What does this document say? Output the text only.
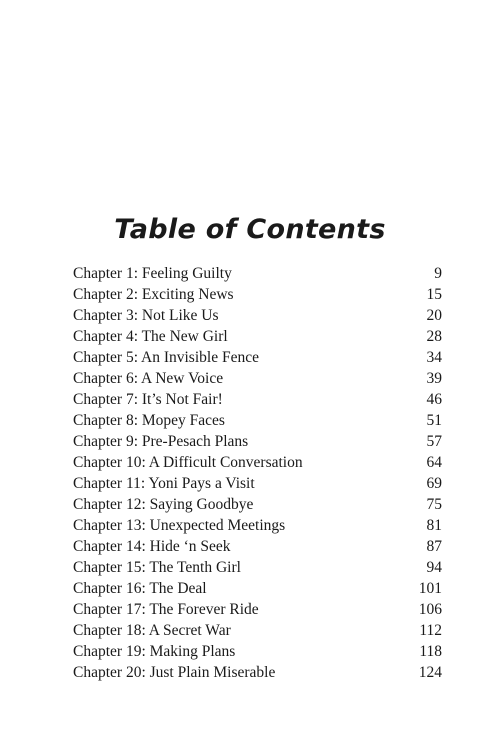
Table of Contents
Chapter 1: Feeling Guilty	9
Chapter 2: Exciting News	15
Chapter 3: Not Like Us	20
Chapter 4: The New Girl	28
Chapter 5: An Invisible Fence	34
Chapter 6: A New Voice	39
Chapter 7: It’s Not Fair!	46
Chapter 8: Mopey Faces	51
Chapter 9: Pre-Pesach Plans	57
Chapter 10: A Difficult Conversation	64
Chapter 11: Yoni Pays a Visit	69
Chapter 12: Saying Goodbye	75
Chapter 13: Unexpected Meetings	81
Chapter 14: Hide ‘n Seek	87
Chapter 15: The Tenth Girl	94
Chapter 16: The Deal	101
Chapter 17: The Forever Ride	106
Chapter 18: A Secret War	112
Chapter 19: Making Plans	118
Chapter 20: Just Plain Miserable	124
